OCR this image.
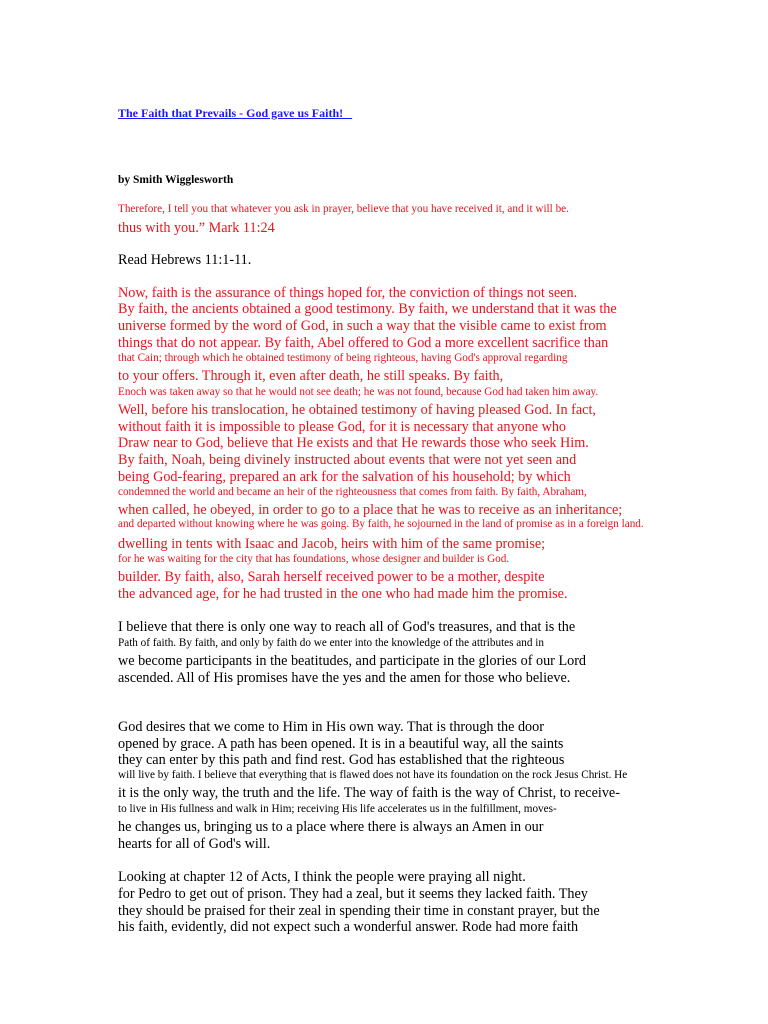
The Faith that Prevails - God gave us Faith!
by Smith Wigglesworth
Therefore, I tell you that whatever you ask in prayer, believe that you have received it, and it will be.
thus with you.” Mark 11:24
Read Hebrews 11:1-11.
Now, faith is the assurance of things hoped for, the conviction of things not seen.
By faith, the ancients obtained a good testimony. By faith, we understand that it was the
universe formed by the word of God, in such a way that the visible came to exist from
things that do not appear. By faith, Abel offered to God a more excellent sacrifice than
that Cain; through which he obtained testimony of being righteous, having God's approval regarding
to your offers. Through it, even after death, he still speaks. By faith,
Enoch was taken away so that he would not see death; he was not found, because God had taken him away.
Well, before his translocation, he obtained testimony of having pleased God. In fact,
without faith it is impossible to please God, for it is necessary that anyone who
Draw near to God, believe that He exists and that He rewards those who seek Him.
By faith, Noah, being divinely instructed about events that were not yet seen and
being God-fearing, prepared an ark for the salvation of his household; by which
condemned the world and became an heir of the righteousness that comes from faith. By faith, Abraham,
when called, he obeyed, in order to go to a place that he was to receive as an inheritance;
and departed without knowing where he was going. By faith, he sojourned in the land of promise as in a foreign land.
dwelling in tents with Isaac and Jacob, heirs with him of the same promise;
for he was waiting for the city that has foundations, whose designer and builder is God.
builder. By faith, also, Sarah herself received power to be a mother, despite
the advanced age, for he had trusted in the one who had made him the promise.
I believe that there is only one way to reach all of God's treasures, and that is the
Path of faith. By faith, and only by faith do we enter into the knowledge of the attributes and in
we become participants in the beatitudes, and participate in the glories of our Lord
ascended. All of His promises have the yes and the amen for those who believe.
God desires that we come to Him in His own way. That is through the door
opened by grace. A path has been opened. It is in a beautiful way, all the saints
they can enter by this path and find rest. God has established that the righteous
will live by faith. I believe that everything that is flawed does not have its foundation on the rock Jesus Christ. He
it is the only way, the truth and the life. The way of faith is the way of Christ, to receive-
to live in His fullness and walk in Him; receiving His life accelerates us in the fulfillment, moves-
he changes us, bringing us to a place where there is always an Amen in our
hearts for all of God's will.
Looking at chapter 12 of Acts, I think the people were praying all night.
for Pedro to get out of prison. They had a zeal, but it seems they lacked faith. They
they should be praised for their zeal in spending their time in constant prayer, but the
his faith, evidently, did not expect such a wonderful answer. Rode had more faith
